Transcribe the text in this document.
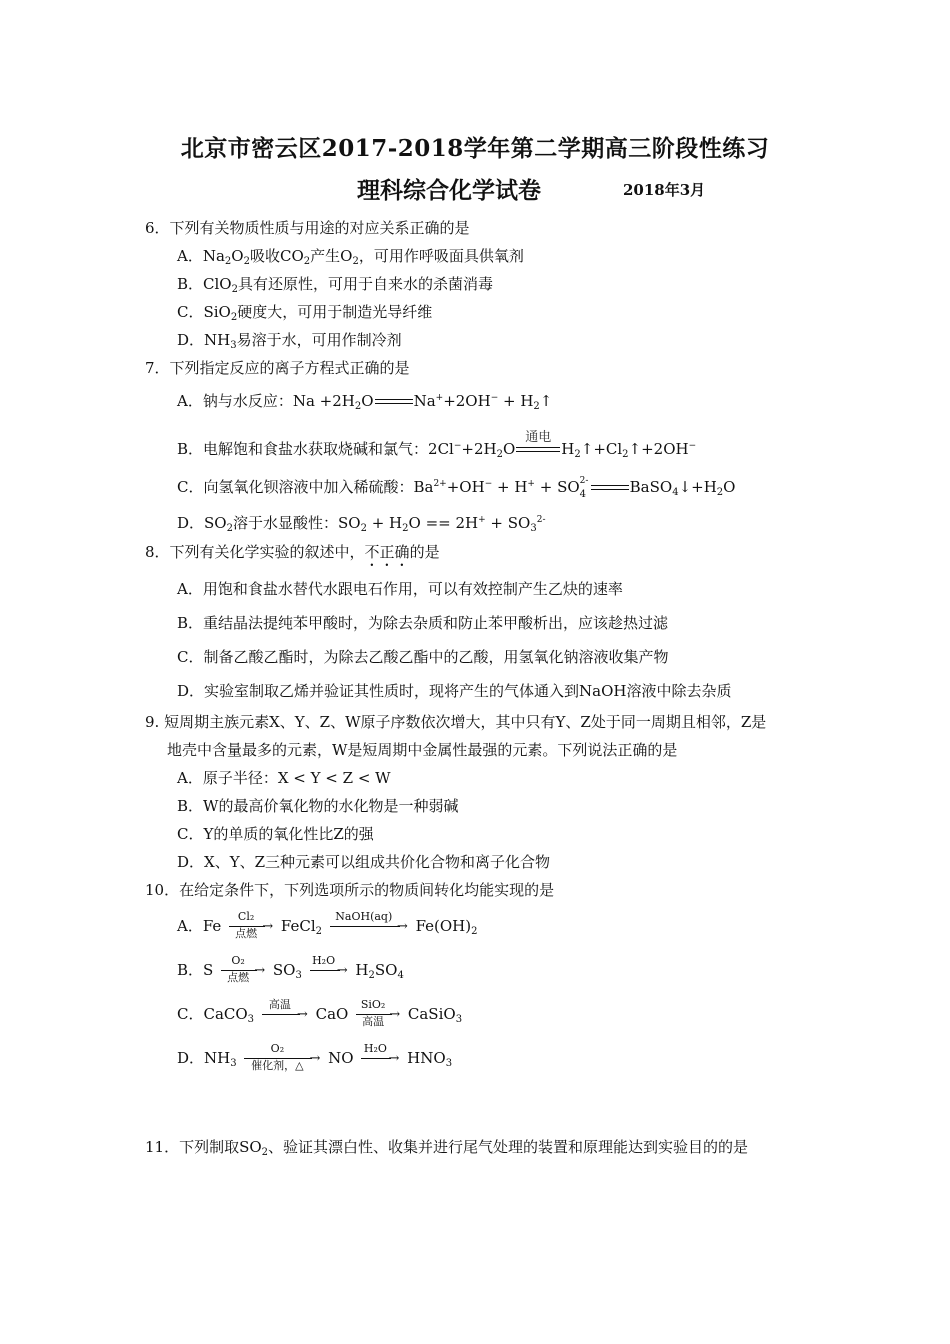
北京市密云区2017-2018学年第二学期高三阶段性练习
理科综合化学试卷	2018年3月
6．下列有关物质性质与用途的对应关系正确的是
A．$Na_2O_2$吸收$CO_2$产生$O_2$，可用作呼吸面具供氧剂
B．ClO$_2$具有还原性，可用于自来水的杀菌消毒
C．SiO$_2$硬度大，可用于制造光导纤维
D．$NH_3$易溶于水，可用作制冷剂
7．下列指定反应的离子方程式正确的是
A．钠与水反应：$Na +2H_2O$	$Na^++2OH^- + H_2↑$
B．电解饱和食盐水获取烧碱和氯气：$2Cl^-+2H_2O$
通电
$H_2↑+Cl_2↑+2OH^-$
C．向氢氧化钡溶液中加入稀硫酸：$Ba^{2+}+OH^- + H^+$ + SO 2-
4	$BaSO_4↓+H_2O$
D．$SO_2$溶于水显酸性：$SO_2 + H_2O == 2H^+ + SO_3^{2-}$
8．下列有关化学实验的叙述中，不正确的是
A．用饱和食盐水替代水跟电石作用，可以有效控制产生乙炔的速率
B．重结晶法提纯苯甲酸时，为除去杂质和防止苯甲酸析出，应该趁热过滤
C．制备乙酸乙酯时，为除去乙酸乙酯中的乙酸，用氢氧化钠溶液收集产物
D．实验室制取乙烯并验证其性质时，现将产生的气体通入到NaOH溶液中除去杂质
9. 短周期主族元素X、Y、Z、W原子序数依次增大，其中只有Y、Z处于同一周期且相邻，Z是
地壳中含量最多的元素，W是短周期中金属性最强的元素。下列说法正确的是
A．原子半径：X < Y < Z < W
B．W的最高价氧化物的水化物是一种弱碱
C．Y的单质的氧化性比Z的强
D．X、Y、Z三种元素可以组成共价化合物和离子化合物
10．在给定条件下，下列选项所示的物质间转化均能实现的是
A．Fe
Cl₂
点燃 → FeCl$_2$
NaOH(aq)
→ $Fe(OH)_2$
B．S
O₂
点燃 → $SO_3$
H₂O
→ $H_2SO_4$
C．CaCO$_3$
高温
→ CaO
SiO₂
高温 → CaSiO$_3$
D．$NH_3$
O₂
催化剂，△ → NO
H₂O
→ $HNO_3$
11．下列制取$SO_2$、验证其漂白性、收集并进行尾气处理的装置和原理能达到实验目的的是
